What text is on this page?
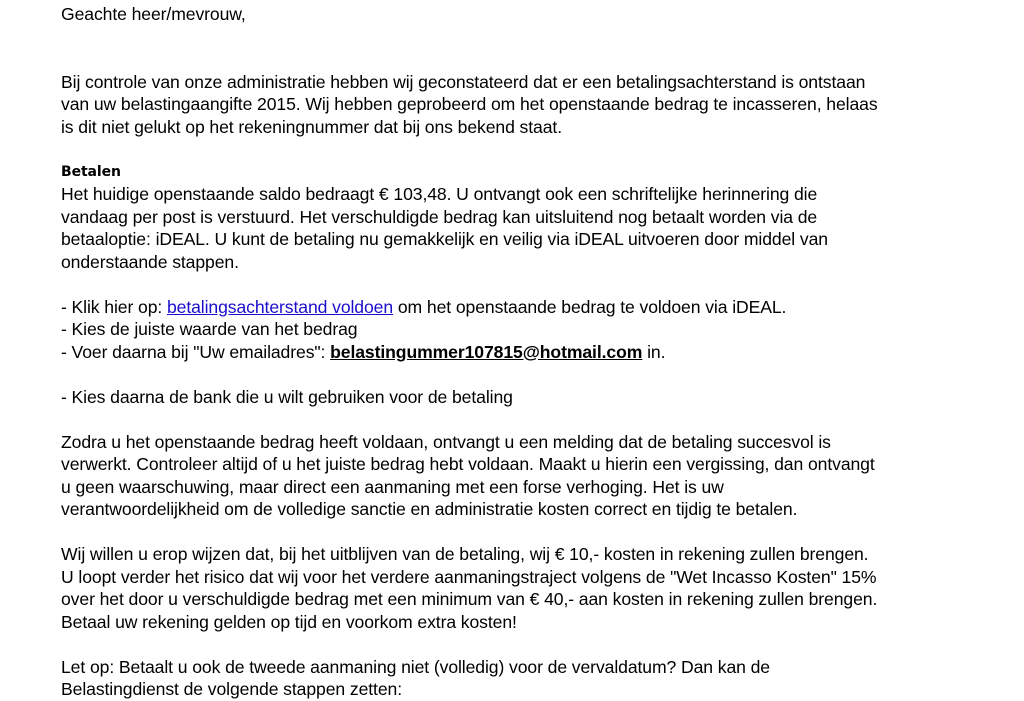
Geachte heer/mevrouw,

Bij controle van onze administratie hebben wij geconstateerd dat er een betalingsachterstand is ontstaan

van uw belastingaangifte 2015. Wij hebben geprobeerd om het openstaande bedrag te incasseren, helaas

is dit niet gelukt op het rekeningnummer dat bij ons bekend staat.

Betalen

Het huidige openstaande saldo bedraagt € 103,48. U ontvangt ook een schriftelijke herinnering die

vandaag per post is verstuurd. Het verschuldigde bedrag kan uitsluitend nog betaalt worden via de

betaaloptie: iDEAL. U kunt de betaling nu gemakkelijk en veilig via iDEAL uitvoeren door middel van

onderstaande stappen.

- Klik hier op: betalingsachterstand voldoen om het openstaande bedrag te voldoen via iDEAL.

- Kies de juiste waarde van het bedrag

- Voer daarna bij "Uw emailadres": belastingummer107815@hotmail.com in.

- Kies daarna de bank die u wilt gebruiken voor de betaling

Zodra u het openstaande bedrag heeft voldaan, ontvangt u een melding dat de betaling succesvol is

verwerkt. Controleer altijd of u het juiste bedrag hebt voldaan. Maakt u hierin een vergissing, dan ontvangt

u geen waarschuwing, maar direct een aanmaning met een forse verhoging. Het is uw

verantwoordelijkheid om de volledige sanctie en administratie kosten correct en tijdig te betalen.

Wij willen u erop wijzen dat, bij het uitblijven van de betaling, wij € 10,- kosten in rekening zullen brengen.

U loopt verder het risico dat wij voor het verdere aanmaningstraject volgens de "Wet Incasso Kosten" 15%

over het door u verschuldigde bedrag met een minimum van € 40,- aan kosten in rekening zullen brengen.

Betaal uw rekening gelden op tijd en voorkom extra kosten!

Let op: Betaalt u ook de tweede aanmaning niet (volledig) voor de vervaldatum? Dan kan de

Belastingdienst de volgende stappen zetten:
